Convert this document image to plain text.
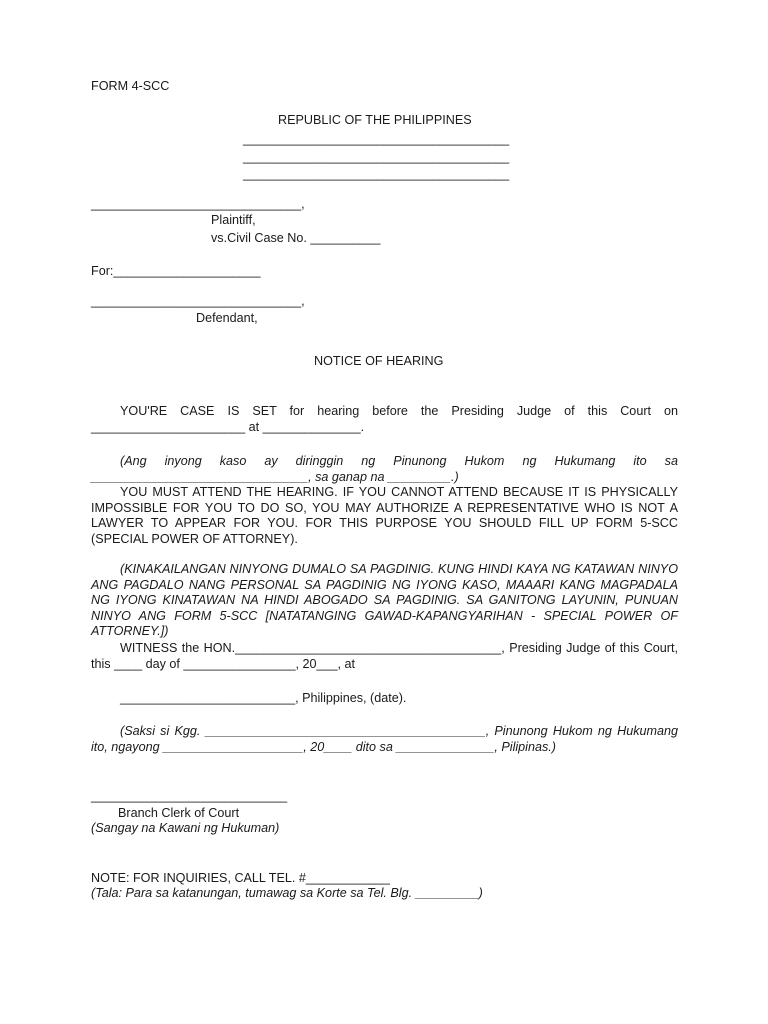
FORM 4-SCC
REPUBLIC OF THE PHILIPPINES
______________________________________
______________________________________
______________________________________
______________________________,
Plaintiff,
vs.Civil Case No. __________
For:_____________________
______________________________,
Defendant,
NOTICE OF HEARING
YOU'RE CASE IS SET for hearing before the Presiding Judge of this Court on
______________________ at ______________.
(Ang inyong kaso ay diringgin ng Pinunong Hukom ng Hukumang ito sa
_______________________________, sa ganap na _________.)
YOU MUST ATTEND THE HEARING. IF YOU CANNOT ATTEND BECAUSE IT IS PHYSICALLY IMPOSSIBLE FOR YOU TO DO SO, YOU MAY AUTHORIZE A REPRESENTATIVE WHO IS NOT A LAWYER TO APPEAR FOR YOU. FOR THIS PURPOSE YOU SHOULD FILL UP FORM 5-SCC (SPECIAL POWER OF ATTORNEY).
(KINAKAILANGAN NINYONG DUMALO SA PAGDINIG. KUNG HINDI KAYA NG KATAWAN NINYO ANG PAGDALO NANG PERSONAL SA PAGDINIG NG IYONG KASO, MAAARI KANG MAGPADALA NG IYONG KINATAWAN NA HINDI ABOGADO SA PAGDINIG. SA GANITONG LAYUNIN, PUNUAN NINYO ANG FORM 5-SCC [NATATANGING GAWAD-KAPANGYARIHAN - SPECIAL POWER OF ATTORNEY.])
WITNESS the HON.______________________________________, Presiding Judge of this Court, this ____ day of ________________, 20___, at
_________________________, Philippines, (date).
(Saksi si Kgg. ________________________________________, Pinunong Hukom ng Hukumang ito, ngayong ____________________, 20____ dito sa ______________, Pilipinas.)
____________________________
Branch Clerk of Court
(Sangay na Kawani ng Hukuman)
NOTE: FOR INQUIRIES, CALL TEL. #____________
(Tala: Para sa katanungan, tumawag sa Korte sa Tel. Blg. _________)
